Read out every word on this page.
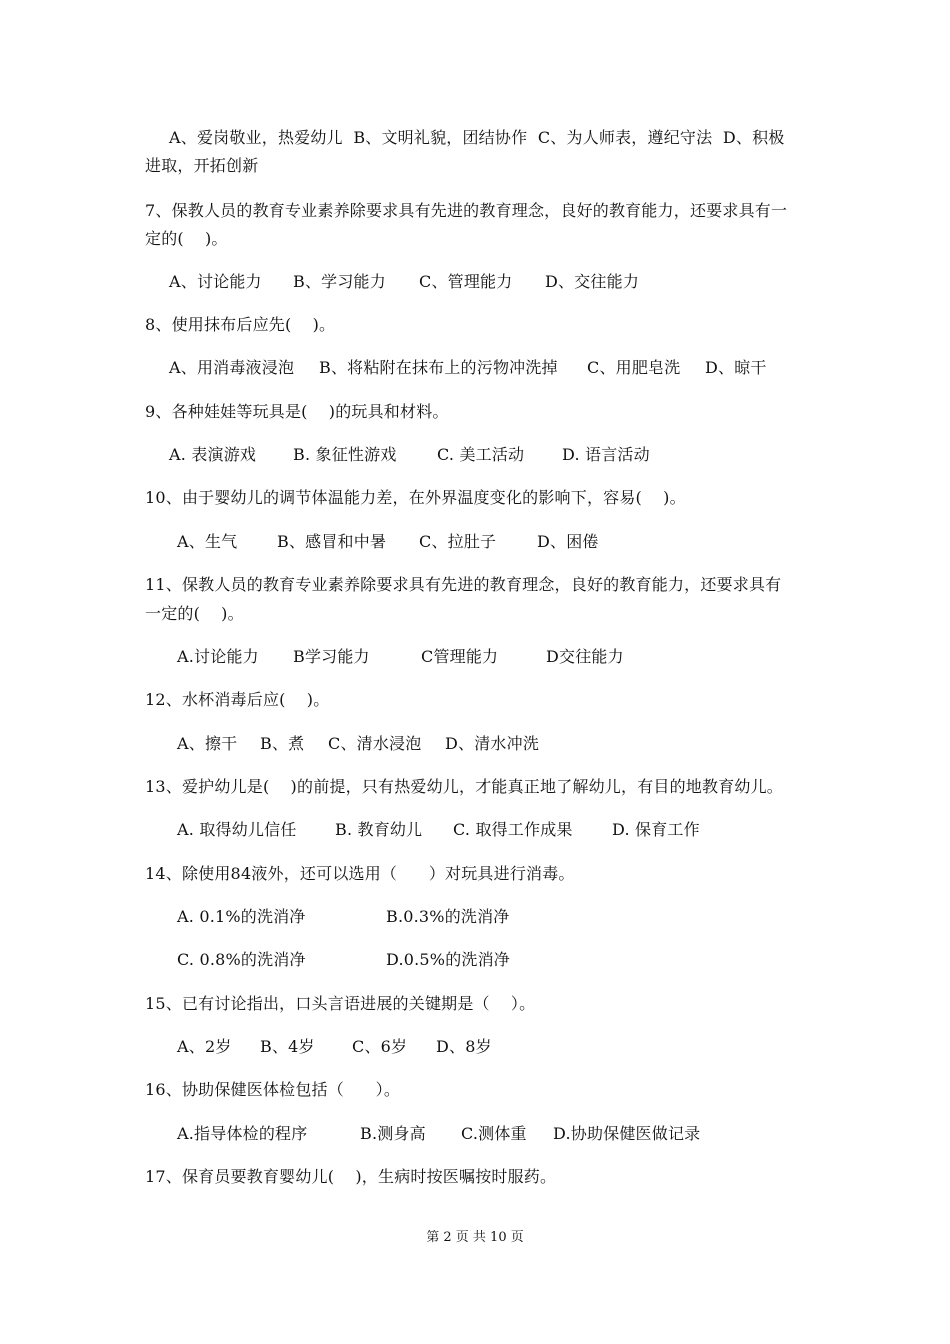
A、爱岗敬业，热爱幼儿  B、文明礼貌，团结协作  C、为人师表，遵纪守法  D、积极
进取，开拓创新
7、保教人员的教育专业素养除要求具有先进的教育理念，良好的教育能力，还要求具有一
定的(    )。

A、讨论能力

B、学习能力

C、管理能力

D、交往能力

8、使用抹布后应先(    )。

A、用消毒液浸泡

B、将粘附在抹布上的污物冲洗掉

C、用肥皂洗

D、晾干

9、各种娃娃等玩具是(    )的玩具和材料。

A. 表演游戏

B. 象征性游戏

	C. 美工活动

D. 语言活动

10、由于婴幼儿的调节体温能力差，在外界温度变化的影响下，容易(    )。

A、生气

B、感冒和中暑

C、拉肚子

	D、困倦

11、保教人员的教育专业素养除要求具有先进的教育理念，良好的教育能力，还要求具有
一定的(    )。

A.讨论能力

B学习能力

	C管理能力

	D交往能力

12、水杯消毒后应(    )。

A、擦干

B、煮

C、清水浸泡

D、清水冲洗

13、爱护幼儿是(    )的前提，只有热爱幼儿，才能真正地了解幼儿，有目的地教育幼儿。

A. 取得幼儿信任

B. 教育幼儿

C. 取得工作成果

D. 保育工作

14、除使用84液外，还可以选用（      ）对玩具进行消毒。

A. 0.1%的洗消净

	B.0.3%的洗消净

C. 0.8%的洗消净

	D.0.5%的洗消净

15、已有讨论指出，口头言语进展的关键期是（    ）。

A、2岁

B、4岁

C、6岁

D、8岁

16、协助保健医体检包括（      ）。

A.指导体检的程序

	B.测身高

C.测体重

D.协助保健医做记录

17、保育员要教育婴幼儿(    )，生病时按医嘱按时服药。
第 2 页 共 10 页
